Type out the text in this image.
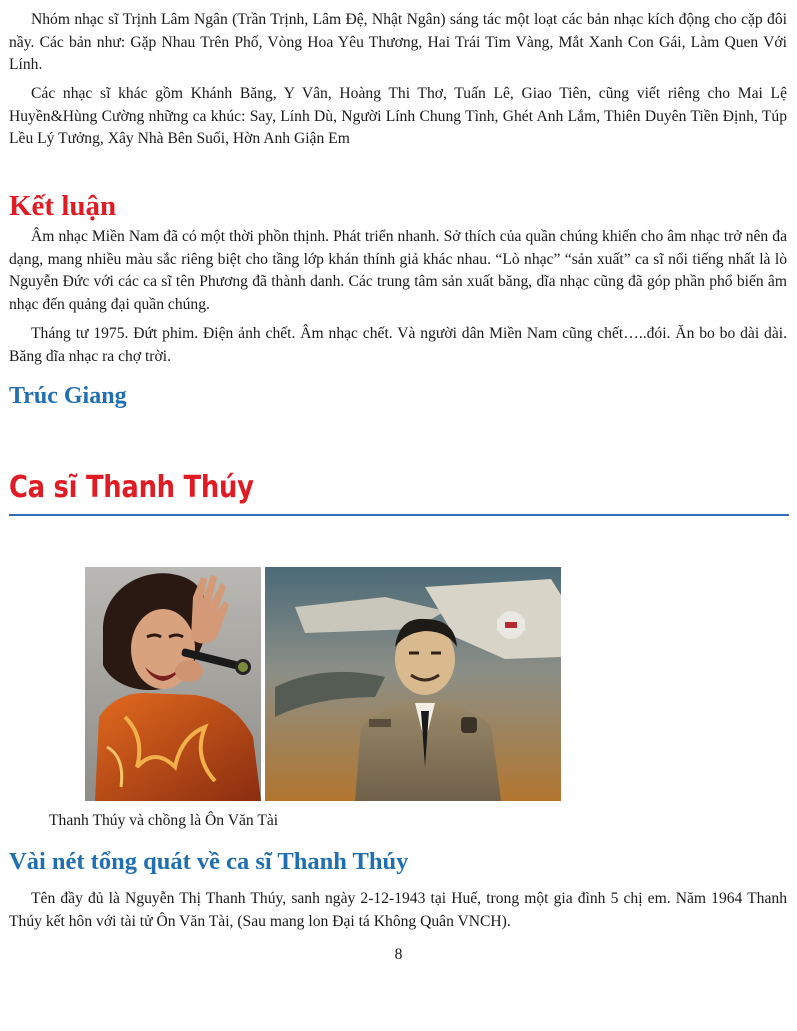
Nhóm nhạc sĩ Trịnh Lâm Ngân (Trần Trịnh, Lâm Đệ, Nhật Ngân) sáng tác một loạt các bản nhạc kích động cho cặp đôi nầy. Các bản như: Gặp Nhau Trên Phố, Vòng Hoa Yêu Thương, Hai Trái Tim Vàng, Mắt Xanh Con Gái, Làm Quen Với Lính.

Các nhạc sĩ khác gồm Khánh Băng, Y Vân, Hoàng Thi Thơ, Tuấn Lê, Giao Tiên, cũng viết riêng cho Mai Lệ Huyền&Hùng Cường những ca khúc: Say, Lính Dù, Người Lính Chung Tình, Ghét Anh Lắm, Thiên Duyên Tiền Định, Túp Lều Lý Tưởng, Xây Nhà Bên Suối, Hờn Anh Giận Em

Kết luận

Âm nhạc Miền Nam đã có một thời phồn thịnh. Phát triển nhanh. Sở thích của quần chúng khiến cho âm nhạc trở nên đa dạng, mang nhiều màu sắc riêng biệt cho tầng lớp khán thính giả khác nhau. “Lò nhạc” “sản xuất” ca sĩ nổi tiếng nhất là lò Nguyễn Đức với các ca sĩ tên Phương đã thành danh. Các trung tâm sản xuất băng, dĩa nhạc cũng đã góp phần phổ biến âm nhạc đến quảng đại quần chúng.

Tháng tư 1975. Đứt phim. Điện ảnh chết. Âm nhạc chết. Và người dân Miền Nam cũng chết…..đói. Ăn bo bo dài dài. Băng dĩa nhạc ra chợ trời.

Trúc Giang
Ca sĩ Thanh Thúy

Thanh Thúy và chồng là Ôn Văn Tài

Vài nét tổng quát về ca sĩ Thanh Thúy

Tên đầy đủ là Nguyễn Thị Thanh Thúy, sanh ngày 2-12-1943 tại Huế, trong một gia đình 5 chị em. Năm 1964 Thanh Thúy kết hôn với tài tử Ôn Văn Tài, (Sau mang lon Đại tá Không Quân VNCH).

8
